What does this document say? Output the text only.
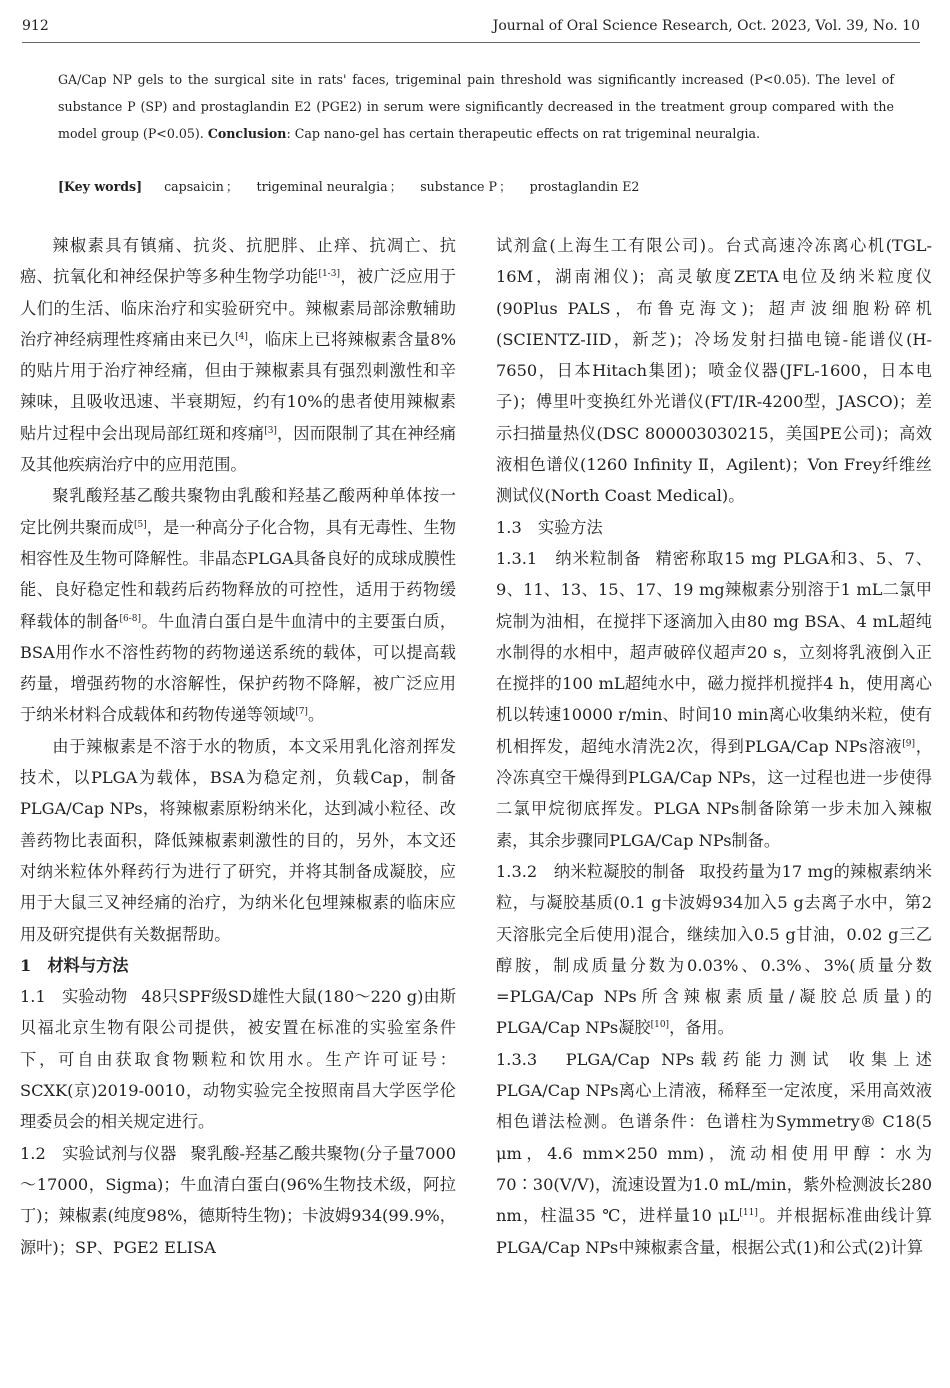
912	Journal of Oral Science Research, Oct. 2023, Vol. 39, No. 10
GA/Cap NP gels to the surgical site in rats' faces, trigeminal pain threshold was significantly increased (P<0.05). The level of substance P (SP) and prostaglandin E2 (PGE2) in serum were significantly decreased in the treatment group compared with the model group (P<0.05). Conclusion: Cap nano-gel has certain therapeutic effects on rat trigeminal neuralgia.
[Key words] capsaicin ； trigeminal neuralgia ； substance P ； prostaglandin E2

辣椒素具有镇痛、抗炎、抗肥胖、止痒、抗凋亡、抗癌、抗氧化和神经保护等多种生物学功能[1-3]，被广泛应用于人们的生活、临床治疗和实验研究中。辣椒素局部涂敷辅助治疗神经病理性疼痛由来已久[4]，临床上已将辣椒素含量8%的贴片用于治疗神经痛，但由于辣椒素具有强烈刺激性和辛辣味，且吸收迅速、半衰期短，约有10%的患者使用辣椒素贴片过程中会出现局部红斑和疼痛[3]，因而限制了其在神经痛及其他疾病治疗中的应用范围。

聚乳酸羟基乙酸共聚物由乳酸和羟基乙酸两种单体按一定比例共聚而成[5]，是一种高分子化合物，具有无毒性、生物相容性及生物可降解性。非晶态PLGA具备良好的成球成膜性能、良好稳定性和载药后药物释放的可控性，适用于药物缓释载体的制备[6-8]。牛血清白蛋白是牛血清中的主要蛋白质，BSA用作水不溶性药物的药物递送系统的载体，可以提高载药量，增强药物的水溶解性，保护药物不降解，被广泛应用于纳米材料合成载体和药物传递等领域[7]。

由于辣椒素是不溶于水的物质，本文采用乳化溶剂挥发技术，以PLGA为载体，BSA为稳定剂，负载Cap，制备PLGA/Cap NPs，将辣椒素原粉纳米化，达到减小粒径、改善药物比表面积，降低辣椒素刺激性的目的，另外，本文还对纳米粒体外释药行为进行了研究，并将其制备成凝胶，应用于大鼠三叉神经痛的治疗，为纳米化包埋辣椒素的临床应用及研究提供有关数据帮助。

1　材料与方法

1.1　实验动物 48只SPF级SD雄性大鼠(180～220 g)由斯贝福北京生物有限公司提供，被安置在标准的实验室条件下，可自由获取食物颗粒和饮用水。生产许可证号：SCXK(京)2019-0010，动物实验完全按照南昌大学医学伦理委员会的相关规定进行。

1.2　实验试剂与仪器 聚乳酸-羟基乙酸共聚物(分子量7000～17000，Sigma)；牛血清白蛋白(96%生物技术级，阿拉丁)；辣椒素(纯度98%，德斯特生物)；卡波姆934(99.9%，源叶)；SP、PGE2 ELISA

试剂盒(上海生工有限公司)。台式高速冷冻离心机(TGL-16M，湖南湘仪)；高灵敏度ZETA电位及纳米粒度仪(90Plus PALS，布鲁克海文)；超声波细胞粉碎机(SCIENTZ-IID，新芝)；冷场发射扫描电镜-能谱仪(H-7650，日本Hitach集团)；喷金仪器(JFL-1600，日本电子)；傅里叶变换红外光谱仪(FT/IR-4200型，JASCO)；差示扫描量热仪(DSC 800003030215，美国PE公司)；高效液相色谱仪(1260 Infinity Ⅱ，Agilent)；Von Frey纤维丝测试仪(North Coast Medical)。

1.3　实验方法

1.3.1　纳米粒制备 精密称取15 mg PLGA和3、5、7、9、11、13、15、17、19 mg辣椒素分别溶于1 mL二氯甲烷制为油相，在搅拌下逐滴加入由80 mg BSA、4 mL超纯水制得的水相中，超声破碎仪超声20 s，立刻将乳液倒入正在搅拌的100 mL超纯水中，磁力搅拌机搅拌4 h，使用离心机以转速10000 r/min、时间10 min离心收集纳米粒，使有机相挥发，超纯水清洗2次，得到PLGA/Cap NPs溶液[9]，冷冻真空干燥得到PLGA/Cap NPs，这一过程也进一步使得二氯甲烷彻底挥发。PLGA NPs制备除第一步未加入辣椒素，其余步骤同PLGA/Cap NPs制备。

1.3.2　纳米粒凝胶的制备 取投药量为17 mg的辣椒素纳米粒，与凝胶基质(0.1 g卡波姆934加入5 g去离子水中，第2天溶胀完全后使用)混合，继续加入0.5 g甘油，0.02 g三乙醇胺，制成质量分数为0.03%、0.3%、3%(质量分数=PLGA/Cap NPs所含辣椒素质量/凝胶总质量)的PLGA/Cap NPs凝胶[10]，备用。

1.3.3　PLGA/Cap NPs载药能力测试 收集上述PLGA/Cap NPs离心上清液，稀释至一定浓度，采用高效液相色谱法检测。色谱条件：色谱柱为Symmetry® C18(5 μm，4.6 mm×250 mm)，流动相使用甲醇∶水为70∶30(V/V)，流速设置为1.0 mL/min，紫外检测波长280 nm，柱温35 ℃，进样量10 μL[11]。并根据标准曲线计算PLGA/Cap NPs中辣椒素含量，根据公式(1)和公式(2)计算
